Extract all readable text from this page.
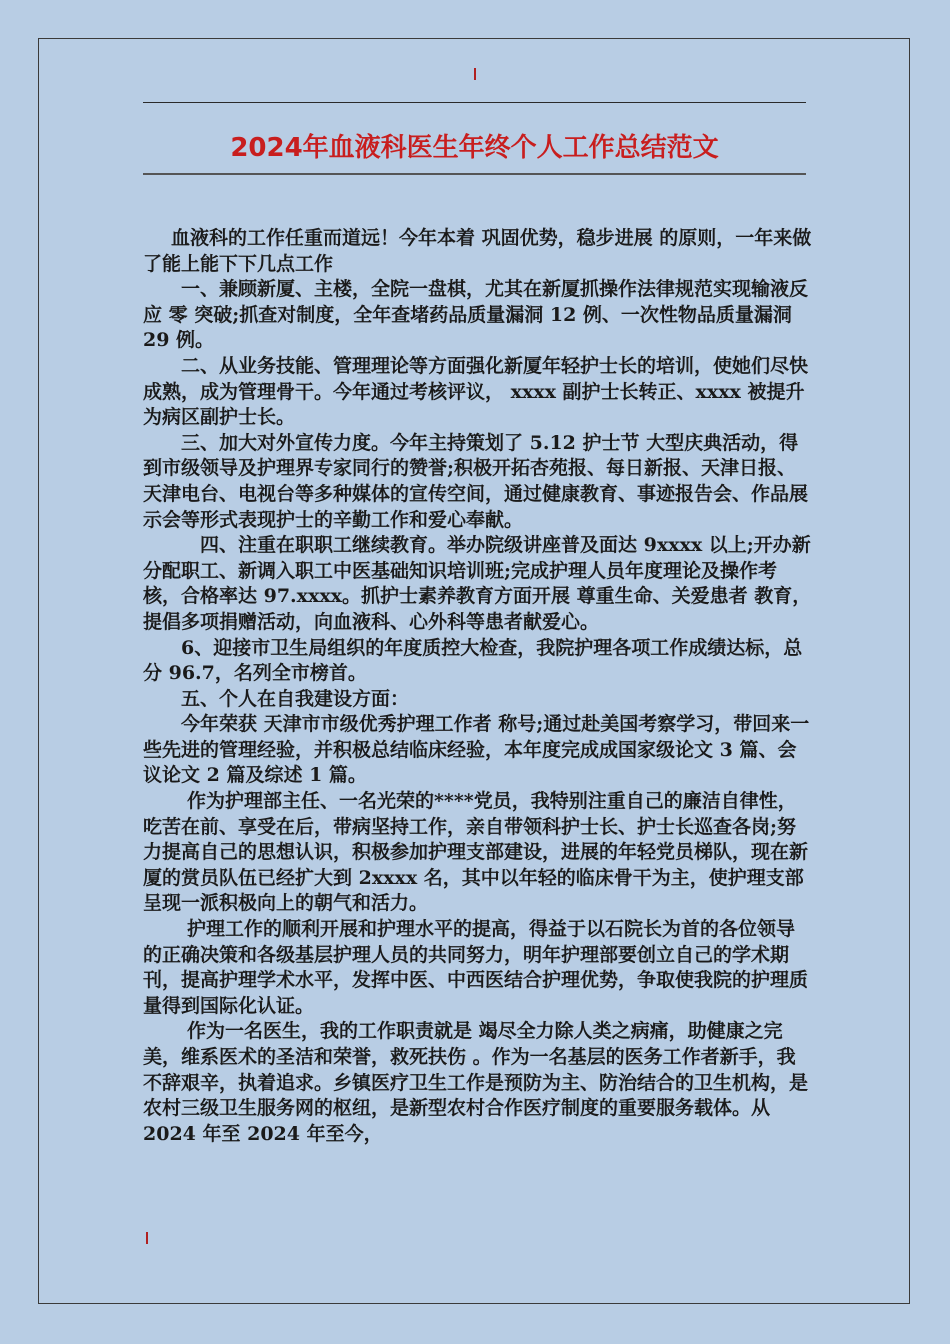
2024年血液科医生年终个人工作总结范文

血液科的工作任重而道远！今年本着 巩固优势，稳步进展 的原则，一年来做了能上能下下几点工作

一、兼顾新厦、主楼，全院一盘棋，尤其在新厦抓操作法律规范实现输液反应 零 突破;抓查对制度，全年查堵药品质量漏洞 12 例、一次性物品质量漏洞 29 例。

二、从业务技能、管理理论等方面强化新厦年轻护士长的培训，使她们尽快成熟，成为管理骨干。今年通过考核评议， xxxx 副护士长转正、xxxx 被提升为病区副护士长。

三、加大对外宣传力度。今年主持策划了 5.12 护士节 大型庆典活动，得到市级领导及护理界专家同行的赞誉;积极开拓杏苑报、每日新报、天津日报、天津电台、电视台等多种媒体的宣传空间，通过健康教育、事迹报告会、作品展示会等形式表现护士的辛勤工作和爱心奉献。

四、注重在职职工继续教育。举办院级讲座普及面达 9xxxx 以上;开办新分配职工、新调入职工中医基础知识培训班;完成护理人员年度理论及操作考核，合格率达 97.xxxx。抓护士素养教育方面开展 尊重生命、关爱患者 教育，提倡多项捐赠活动，向血液科、心外科等患者献爱心。

6、迎接市卫生局组织的年度质控大检查，我院护理各项工作成绩达标，总分 96.7，名列全市榜首。

五、个人在自我建设方面：

今年荣获 天津市市级优秀护理工作者 称号;通过赴美国考察学习，带回来一些先进的管理经验，并积极总结临床经验，本年度完成成国家级论文 3 篇、会议论文 2 篇及综述 1 篇。

作为护理部主任、一名光荣的****党员，我特别注重自己的廉洁自律性，吃苦在前、享受在后，带病坚持工作，亲自带领科护士长、护士长巡查各岗;努力提高自己的思想认识，积极参加护理支部建设，进展的年轻党员梯队，现在新厦的赏员队伍已经扩大到 2xxxx 名，其中以年轻的临床骨干为主，使护理支部呈现一派积极向上的朝气和活力。

护理工作的顺利开展和护理水平的提高，得益于以石院长为首的各位领导的正确决策和各级基层护理人员的共同努力，明年护理部要创立自己的学术期刊，提高护理学术水平，发挥中医、中西医结合护理优势，争取使我院的护理质量得到国际化认证。

作为一名医生，我的工作职责就是 竭尽全力除人类之病痛，助健康之完美，维系医术的圣洁和荣誉，救死扶伤 。作为一名基层的医务工作者新手，我不辞艰辛，执着追求。乡镇医疗卫生工作是预防为主、防治结合的卫生机构，是农村三级卫生服务网的枢纽，是新型农村合作医疗制度的重要服务载体。从 2024 年至 2024 年至今，
